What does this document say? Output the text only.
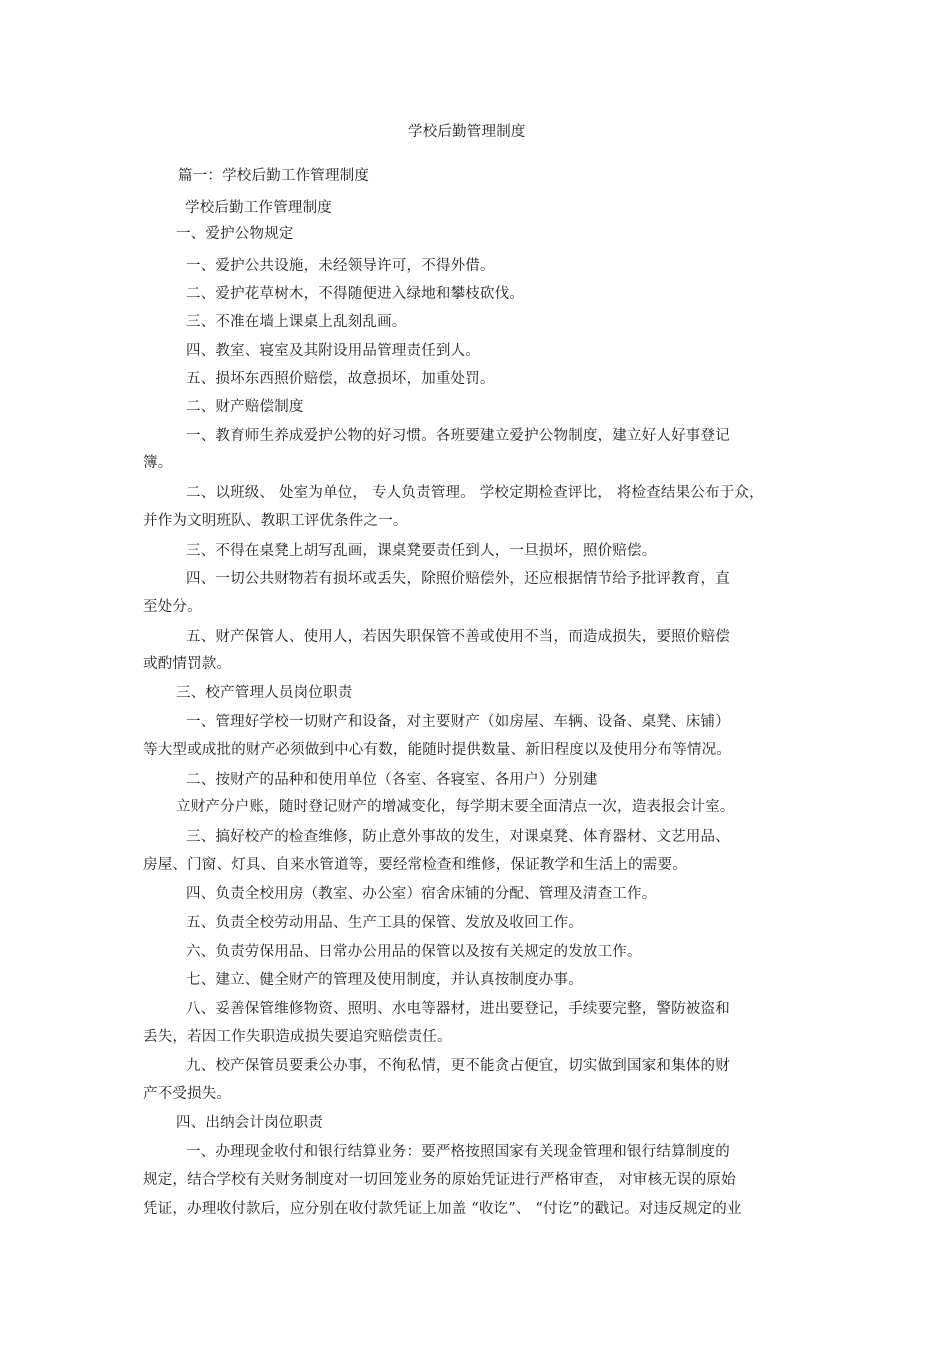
学校后勤管理制度
篇一：学校后勤工作管理制度
学校后勤工作管理制度
一、爱护公物规定
一、爱护公共设施，未经领导许可，不得外借。
二、爱护花草树木，不得随便进入绿地和攀枝砍伐。
三、不准在墙上课桌上乱刻乱画。
四、教室、寝室及其附设用品管理责任到人。
五、损坏东西照价赔偿，故意损坏，加重处罚。
二、财产赔偿制度
一、教育师生养成爱护公物的好习惯。各班要建立爱护公物制度，建立好人好事登记
簿。
二、以班级、 处室为单位， 专人负责管理。 学校定期检查评比， 将检查结果公布于众，
并作为文明班队、教职工评优条件之一。
三、不得在桌凳上胡写乱画，课桌凳要责任到人，一旦损坏，照价赔偿。
四、一切公共财物若有损坏或丢失，除照价赔偿外，还应根据情节给予批评教育，直
至处分。
五、财产保管人、使用人，若因失职保管不善或使用不当，而造成损失，要照价赔偿
或酌情罚款。
三、校产管理人员岗位职责
一、管理好学校一切财产和设备，对主要财产（如房屋、车辆、设备、桌凳、床铺）
等大型或成批的财产必须做到中心有数，能随时提供数量、新旧程度以及使用分布等情况。
二、按财产的品种和使用单位（各室、各寝室、各用户）分别建
立财产分户账，随时登记财产的增减变化，每学期末要全面清点一次，造表报会计室。
三、搞好校产的检查维修，防止意外事故的发生，对课桌凳、体育器材、文艺用品、
房屋、门窗、灯具、自来水管道等，要经常检查和维修，保证教学和生活上的需要。
四、负责全校用房（教室、办公室）宿舍床铺的分配、管理及清查工作。
五、负责全校劳动用品、生产工具的保管、发放及收回工作。
六、负责劳保用品、日常办公用品的保管以及按有关规定的发放工作。
七、建立、健全财产的管理及使用制度，并认真按制度办事。
八、妥善保管维修物资、照明、水电等器材，进出要登记，手续要完整，警防被盗和
丢失，若因工作失职造成损失要追究赔偿责任。
九、校产保管员要秉公办事，不徇私情，更不能贪占便宜，切实做到国家和集体的财
产不受损失。
四、出纳会计岗位职责
一、办理现金收付和银行结算业务：要严格按照国家有关现金管理和银行结算制度的
规定，结合学校有关财务制度对一切回笼业务的原始凭证进行严格审查， 对审核无误的原始
凭证，办理收付款后，应分别在收付款凭证上加盖 “收讫”、 “付讫”的戳记。对违反规定的业
